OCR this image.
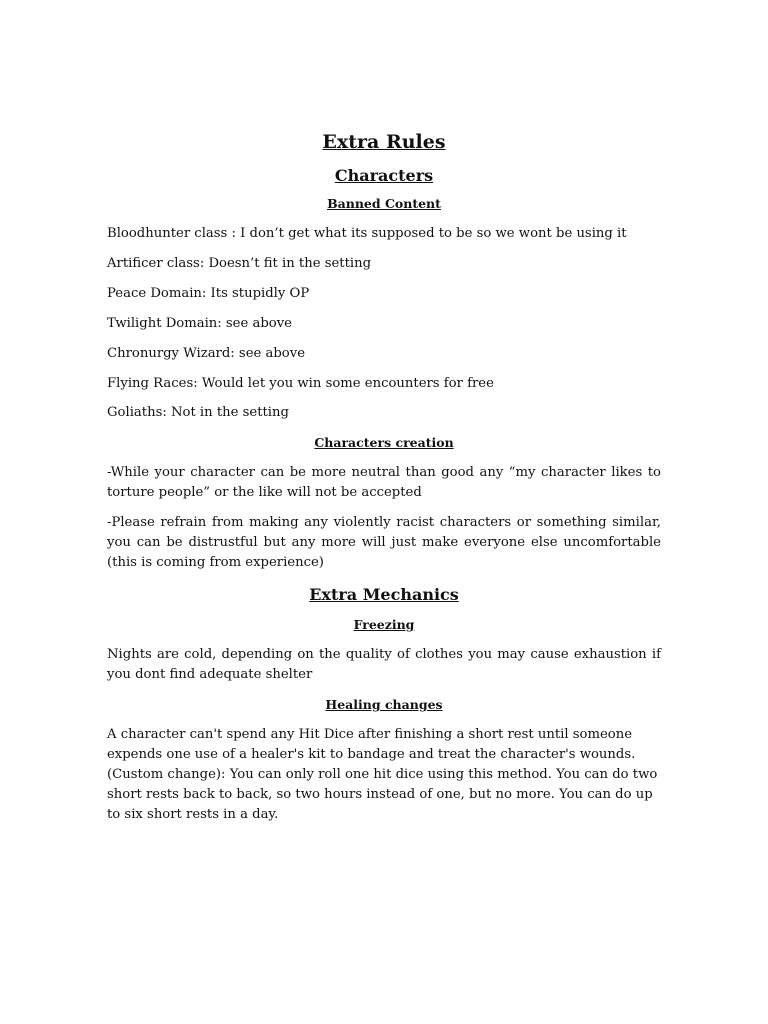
Extra Rules
Characters
Banned Content
Bloodhunter class : I don’t get what its supposed to be so we wont be using it
Artificer class: Doesn’t fit in the setting
Peace Domain: Its stupidly OP
Twilight Domain: see above
Chronurgy Wizard: see above
Flying Races: Would let you win some encounters for free
Goliaths: Not in the setting
Characters creation
-While your character can be more neutral than good any “my character likes to torture people” or the like will not be accepted
-Please refrain from making any violently racist characters or something similar, you can be distrustful but any more will just make everyone else uncomfortable (this is coming from experience)
Extra Mechanics
Freezing
Nights are cold, depending on the quality of clothes you may cause exhaustion if you dont find adequate shelter
Healing changes
A character can't spend any Hit Dice after finishing a short rest until someone expends one use of a healer's kit to bandage and treat the character's wounds. (Custom change): You can only roll one hit dice using this method. You can do two short rests back to back, so two hours instead of one, but no more. You can do up to six short rests in a day.
